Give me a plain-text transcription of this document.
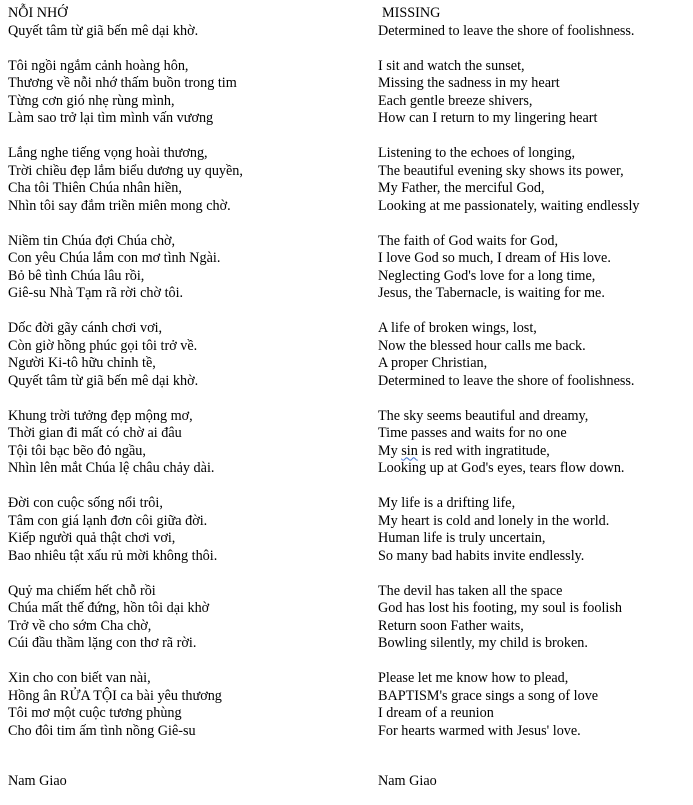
NỖI NHỚ
Quyết tâm từ giã bến mê dại khờ.
Tôi ngồi ngắm cảnh hoàng hôn,
Thương về nỗi nhớ thấm buồn trong tim
Từng cơn gió nhẹ rùng mình,
Làm sao trở lại tìm mình vấn vương
Lắng nghe tiếng vọng hoài thương,
Trời chiều đẹp lắm biểu dương uy quyền,
Cha tôi Thiên Chúa nhân hiền,
Nhìn tôi say đắm triền miên mong chờ.
Niềm tin Chúa đợi Chúa chờ,
Con yêu Chúa lắm con mơ tình Ngài.
Bỏ bê tình Chúa lâu rồi,
Giê-su Nhà Tạm rã rời chờ tôi.
Dốc đời gãy cánh chơi vơi,
Còn giờ hồng phúc gọi tôi trở về.
Người Ki-tô hữu chỉnh tề,
Quyết tâm từ giã bến mê dại khờ.
Khung trời tưởng đẹp mộng mơ,
Thời gian đi mất có chờ ai đâu
Tội tôi bạc bẽo đỏ ngầu,
Nhìn lên mắt Chúa lệ châu chảy dài.
Đời con cuộc sống nổi trôi,
Tâm con giá lạnh đơn côi giữa đời.
Kiếp người quả thật chơi vơi,
Bao nhiêu tật xấu rủ mời không thôi.
Quỷ ma chiếm hết chỗ rồi
Chúa mất thế đứng, hồn tôi dại khờ
Trở về cho sớm Cha chờ,
Cúi đầu thầm lặng con thơ rã rời.
Xin cho con biết van nài,
Hồng ân RỬA TỘI ca bài yêu thương
Tôi mơ một cuộc tương phùng
Cho đôi tim ấm tình nồng Giê-su
MISSING
Determined to leave the shore of foolishness.
I sit and watch the sunset,
Missing the sadness in my heart
Each gentle breeze shivers,
How can I return to my lingering heart
Listening to the echoes of longing,
The beautiful evening sky shows its power,
My Father, the merciful God,
Looking at me passionately, waiting endlessly
The faith of God waits for God,
I love God so much, I dream of His love.
Neglecting God's love for a long time,
Jesus, the Tabernacle, is waiting for me.
A life of broken wings, lost,
Now the blessed hour calls me back.
A proper Christian,
Determined to leave the shore of foolishness.
The sky seems beautiful and dreamy,
Time passes and waits for no one
My sin is red with ingratitude,
Looking up at God's eyes, tears flow down.
My life is a drifting life,
My heart is cold and lonely in the world.
Human life is truly uncertain,
So many bad habits invite endlessly.
The devil has taken all the space
God has lost his footing, my soul is foolish
Return soon Father waits,
Bowling silently, my child is broken.
Please let me know how to plead,
BAPTISM's grace sings a song of love
I dream of a reunion
For hearts warmed with Jesus' love.
Nam Giao	Nam Giao
